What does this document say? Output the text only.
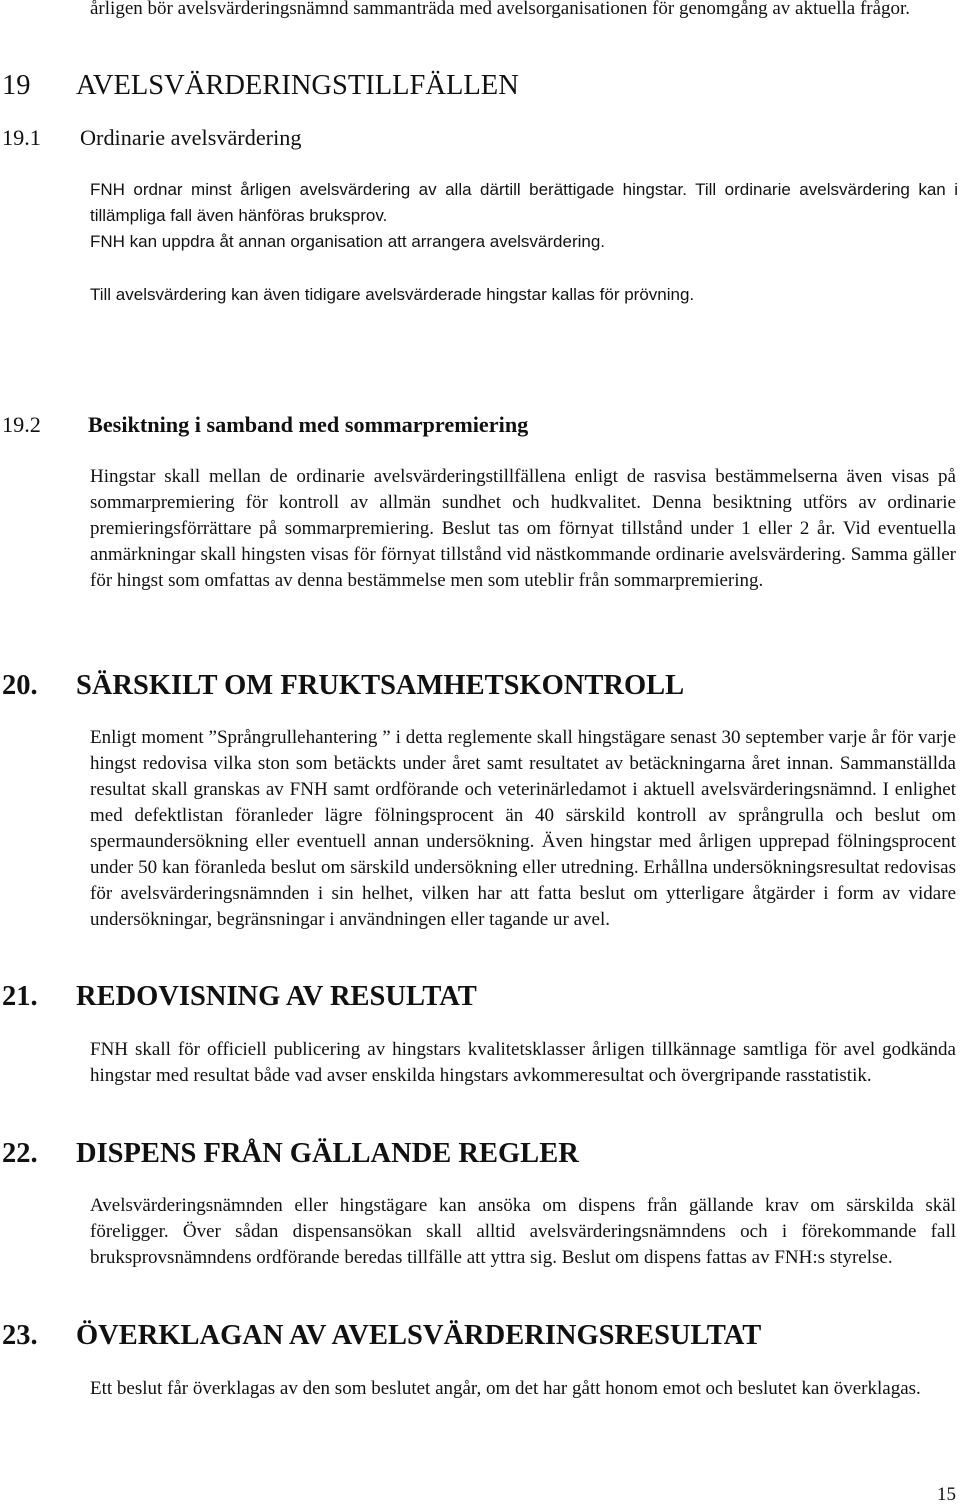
årligen bör avelsvärderingsnämnd sammanträda med avelsorganisationen för genomgång av aktuella frågor.

19 AVELSVÄRDERINGSTILLFÄLLEN
19.1 Ordinarie avelsvärdering

FNH ordnar minst årligen avelsvärdering av alla därtill berättigade hingstar. Till ordinarie avelsvärdering kan i tillämpliga fall även hänföras bruksprov.

FNH kan uppdra åt annan organisation att arrangera avelsvärdering.

Till avelsvärdering kan även tidigare avelsvärderade hingstar kallas för prövning.

19.2 Besiktning i samband med sommarpremiering

Hingstar skall mellan de ordinarie avelsvärderingstillfällena enligt de rasvisa bestämmelserna även visas på sommarpremiering för kontroll av allmän sundhet och hudkvalitet. Denna besiktning utförs av ordinarie premieringsförrättare på sommarpremiering. Beslut tas om förnyat tillstånd under 1 eller 2 år. Vid eventuella anmärkningar skall hingsten visas för förnyat tillstånd vid nästkommande ordinarie avelsvärdering. Samma gäller för hingst som omfattas av denna bestämmelse men som uteblir från sommarpremiering.

20. SÄRSKILT OM FRUKTSAMHETSKONTROLL

Enligt moment ”Språngrullehantering ” i detta reglemente skall hingstägare senast 30 september varje år för varje hingst redovisa vilka ston som betäckts under året samt resultatet av betäckningarna året innan. Sammanställda resultat skall granskas av FNH samt ordförande och veterinärledamot i aktuell avelsvärderingsnämnd. I enlighet med defektlistan föranleder lägre fölningsprocent än 40 särskild kontroll av språngrulla och beslut om spermaundersökning eller eventuell annan undersökning. Även hingstar med årligen upprepad fölningsprocent under 50 kan föranleda beslut om särskild undersökning eller utredning. Erhållna undersökningsresultat redovisas för avelsvärderingsnämnden i sin helhet, vilken har att fatta beslut om ytterligare åtgärder i form av vidare undersökningar, begränsningar i användningen eller tagande ur avel.

21. REDOVISNING AV RESULTAT

FNH skall för officiell publicering av hingstars kvalitetsklasser årligen tillkännage samtliga för avel godkända hingstar med resultat både vad avser enskilda hingstars avkommeresultat och övergripande rasstatistik.

22. DISPENS FRÅN GÄLLANDE REGLER

Avelsvärderingsnämnden eller hingstägare kan ansöka om dispens från gällande krav om särskilda skäl föreligger. Över sådan dispensansökan skall alltid avelsvärderingsnämndens och i förekommande fall bruksprovsnämndens ordförande beredas tillfälle att yttra sig. Beslut om dispens fattas av FNH:s styrelse.

23. ÖVERKLAGAN AV AVELSVÄRDERINGSRESULTAT

Ett beslut får överklagas av den som beslutet angår, om det har gått honom emot och beslutet kan överklagas.

15
